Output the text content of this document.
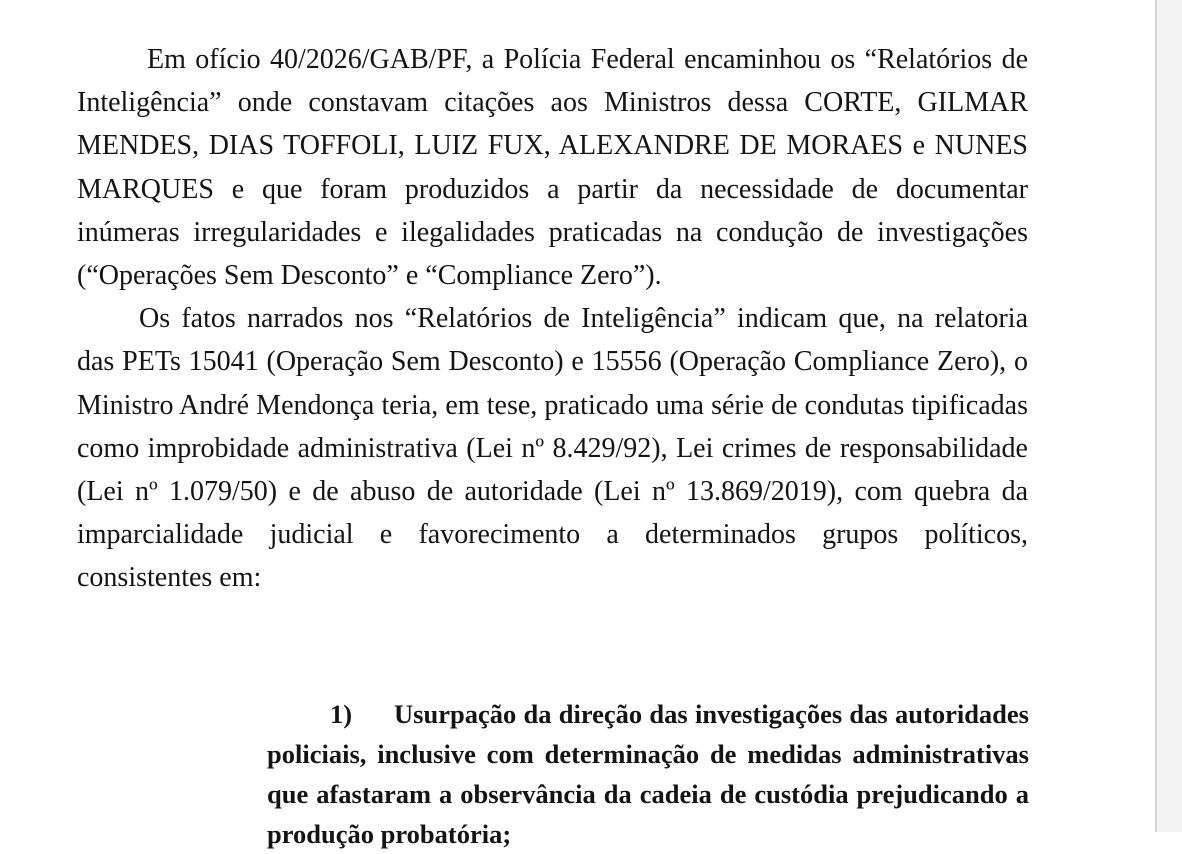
Em ofício 40/2026/GAB/PF, a Polícia Federal encaminhou os “Relatórios de Inteligência” onde constavam citações aos Ministros dessa CORTE, GILMAR MENDES, DIAS TOFFOLI, LUIZ FUX, ALEXANDRE DE MORAES e NUNES MARQUES e que foram produzidos a partir da necessidade de documentar inúmeras irregularidades e ilegalidades praticadas na condução de investigações (“Operações Sem Desconto” e “Compliance Zero”).

Os fatos narrados nos “Relatórios de Inteligência” indicam que, na relatoria das PETs 15041 (Operação Sem Desconto) e 15556 (Operação Compliance Zero), o Ministro André Mendonça teria, em tese, praticado uma série de condutas tipificadas como improbidade administrativa (Lei nº 8.429/92), Lei crimes de responsabilidade (Lei nº 1.079/50) e de abuso de autoridade (Lei nº 13.869/2019), com quebra da imparcialidade judicial e favorecimento a determinados grupos políticos, consistentes em:

1) Usurpação da direção das investigações das autoridades policiais, inclusive com determinação de medidas administrativas que afastaram a observância da cadeia de custódia prejudicando a produção probatória;
